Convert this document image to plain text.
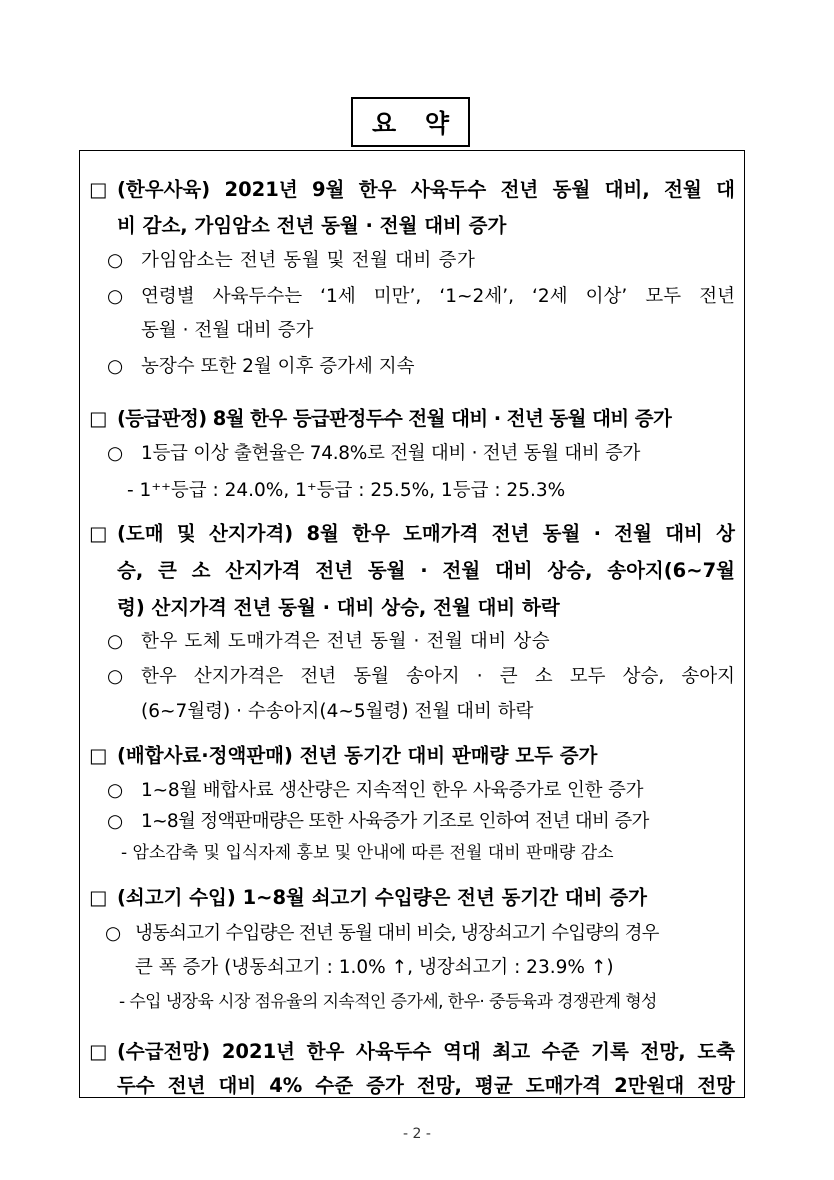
요 약
□ (한우사육) 2021년 9월 한우 사육두수 전년 동월 대비, 전월 대
비 감소, 가임암소 전년 동월 · 전월 대비 증가
○ 가임암소는 전년 동월 및 전월 대비 증가
○ 연령별 사육두수는 ‘1세 미만’, ‘1~2세’, ‘2세 이상’ 모두 전년
동월 · 전월 대비 증가
○ 농장수 또한 2월 이후 증가세 지속
□ (등급판정) 8월 한우 등급판정두수 전월 대비 · 전년 동월 대비 증가
○ 1등급 이상 출현율은 74.8%로 전월 대비 · 전년 동월 대비 증가
- 1⁺⁺등급 : 24.0%, 1⁺등급 : 25.5%, 1등급 : 25.3%
□ (도매 및 산지가격) 8월 한우 도매가격 전년 동월 · 전월 대비 상
승, 큰 소 산지가격 전년 동월 · 전월 대비 상승, 송아지(6~7월
령) 산지가격 전년 동월 · 대비 상승, 전월 대비 하락
○ 한우 도체 도매가격은 전년 동월 · 전월 대비 상승
○ 한우 산지가격은 전년 동월 송아지 · 큰 소 모두 상승, 송아지
(6~7월령) · 수송아지(4~5월령) 전월 대비 하락
□ (배합사료·정액판매) 전년 동기간 대비 판매량 모두 증가
○ 1~8월 배합사료 생산량은 지속적인 한우 사육증가로 인한 증가
○ 1~8월 정액판매량은 또한 사육증가 기조로 인하여 전년 대비 증가
- 암소감축 및 입식자제 홍보 및 안내에 따른 전월 대비 판매량 감소
□ (쇠고기 수입) 1~8월 쇠고기 수입량은 전년 동기간 대비 증가
○ 냉동쇠고기 수입량은 전년 동월 대비 비슷, 냉장쇠고기 수입량의 경우
큰 폭 증가 (냉동쇠고기 : 1.0% ↑, 냉장쇠고기 : 23.9% ↑)
- 수입 냉장육 시장 점유율의 지속적인 증가세, 한우· 중등육과 경쟁관계 형성
□ (수급전망) 2021년 한우 사육두수 역대 최고 수준 기록 전망, 도축
두수 전년 대비 4% 수준 증가 전망, 평균 도매가격 2만원대 전망
- 2 -
